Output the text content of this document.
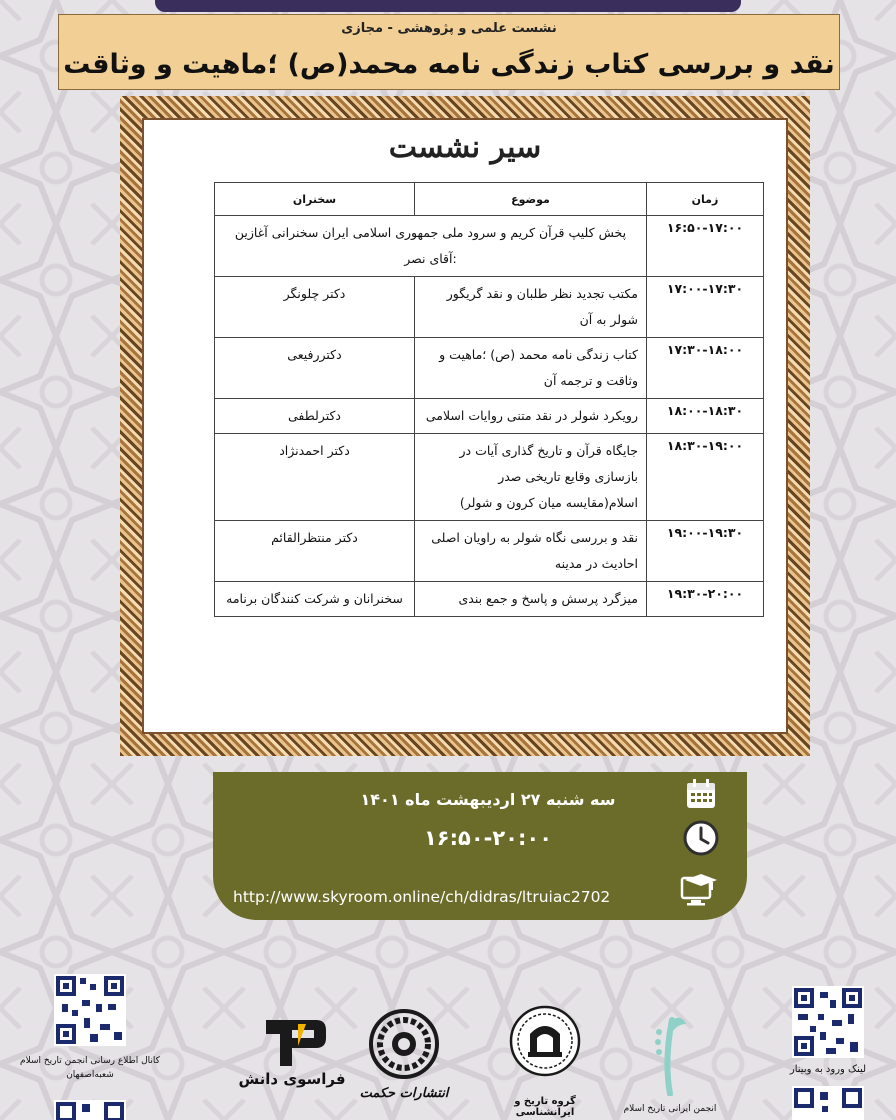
نشست علمی و پژوهشی - مجازی
نقد و بررسی کتاب زندگی نامه محمد(ص) ؛ماهیت و وثاقت
سیر نشست
زمان	موضوع	سخنران
۱۶:۵۰-۱۷:۰۰	پخش کلیپ قرآن کریم و سرود ملی جمهوری اسلامی ایران سخنرانی آغازین :آقای نصر	
۱۷:۰۰-۱۷:۳۰	مکتب تجدید نظر طلبان و نقد گریگور شولر به آن	دکتر چلونگر
۱۷:۳۰-۱۸:۰۰	کتاب زندگی نامه محمد (ص) ؛ماهیت و وثاقت و ترجمه آن	دکتررفیعی
۱۸:۰۰-۱۸:۳۰	رویکرد شولر در نقد متنی روایات اسلامی	دکترلطفی
۱۸:۳۰-۱۹:۰۰	جایگاه قرآن و تاریخ گذاری آیات در بازسازی وقایع تاریخی صدر اسلام(مقایسه میان کرون و شولر)	دکتر احمدنژاد
۱۹:۰۰-۱۹:۳۰	نقد و بررسی نگاه شولر به راویان اصلی احادیث در مدینه	دکتر منتظرالقائم
۱۹:۳۰-۲۰:۰۰	میزگرد پرسش و پاسخ و جمع بندی	سخنرانان و شرکت کنندگان برنامه
سه شنبه ۲۷ اردیبهشت ماه ۱۴۰۱
۱۶:۵۰-۲۰:۰۰
http://www.skyroom.online/ch/didras/ltruiac2702
کانال اطلاع رسانی انجمن تاریخ اسلام شعبه‌اصفهان	لینک ورود به وبینار
فراسوی دانش
انتشارات حکمت
گروه تاریخ و ایرانشناسی	انجمن ایرانی تاریخ اسلام
